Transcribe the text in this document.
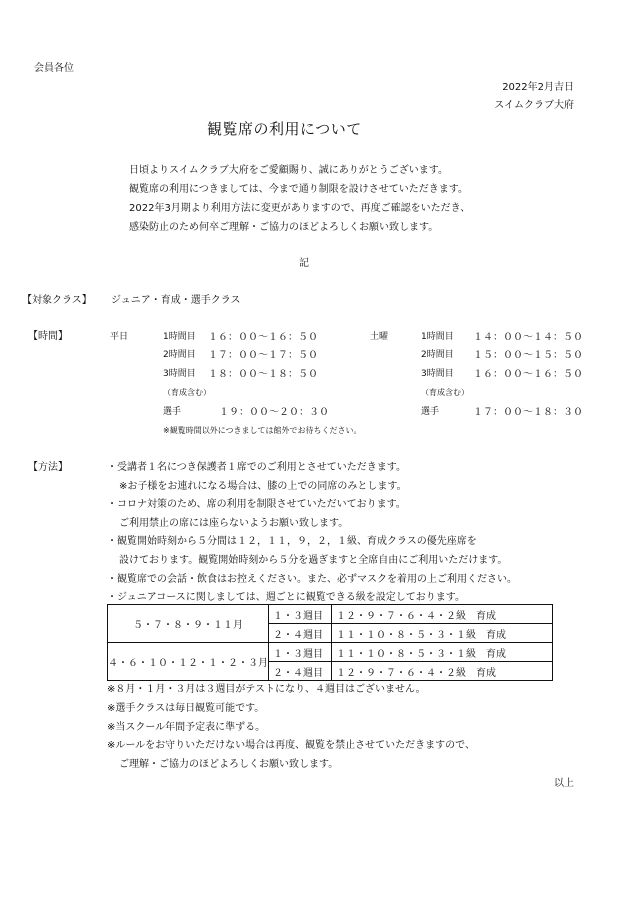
会員各位
2022年2月吉日
スイムクラブ大府
観覧席の利用について
日頃よりスイムクラブ大府をご愛顧賜り、誠にありがとうございます。
観覧席の利用につきましては、今まで通り制限を設けさせていただきます。
2022年3月期より利用方法に変更がありますので、再度ご確認をいただき、
感染防止のため何卒ご理解・ご協力のほどよろしくお願い致します。
記
【対象クラス】 ジュニア・育成・選手クラス
【時間】	平日	1時間目 １６：００～１６：５０
2時間目 １７：００～１７：５０
3時間目 １８：００～１８：５０
（育成含む）
選手	１９：００～２０：３０
土曜	1時間目 １４：００～１４：５０
2時間目 １５：００～１５：５０
3時間目 １６：００～１６：５０
（育成含む）
選手	１７：００～１８：３０
※観覧時間以外につきましては館外でお待ちください。
【方法】	・受講者１名につき保護者１席でのご利用とさせていただきます。
※お子様をお連れになる場合は、膝の上での同席のみとします。
・コロナ対策のため、席の利用を制限させていただいております。
ご利用禁止の席には座らないようお願い致します。
・観覧開始時刻から５分間は１２，１１，９，２，１級、育成クラスの優先座席を
設けております。観覧開始時刻から５分を過ぎますと全席自由にご利用いただけます。
・観覧席での会話・飲食はお控えください。また、必ずマスクを着用の上ご利用ください。
・ジュニアコースに関しましては、週ごとに観覧できる級を設定しております。
５・７・８・９・１１月	１・３週目	１２・９・７・６・４・２級　育成
	２・４週目	１１・１０・８・５・３・１級　育成
４・６・１０・１２・１・２・３月	１・３週目	１１・１０・８・５・３・１級　育成
	２・４週目	１２・９・７・６・４・２級　育成
※８月・１月・３月は３週目がテストになり、４週目はございません。
※選手クラスは毎日観覧可能です。
※当スクール年間予定表に準ずる。
※ルールをお守りいただけない場合は再度、観覧を禁止させていただきますので、
ご理解・ご協力のほどよろしくお願い致します。
以上
